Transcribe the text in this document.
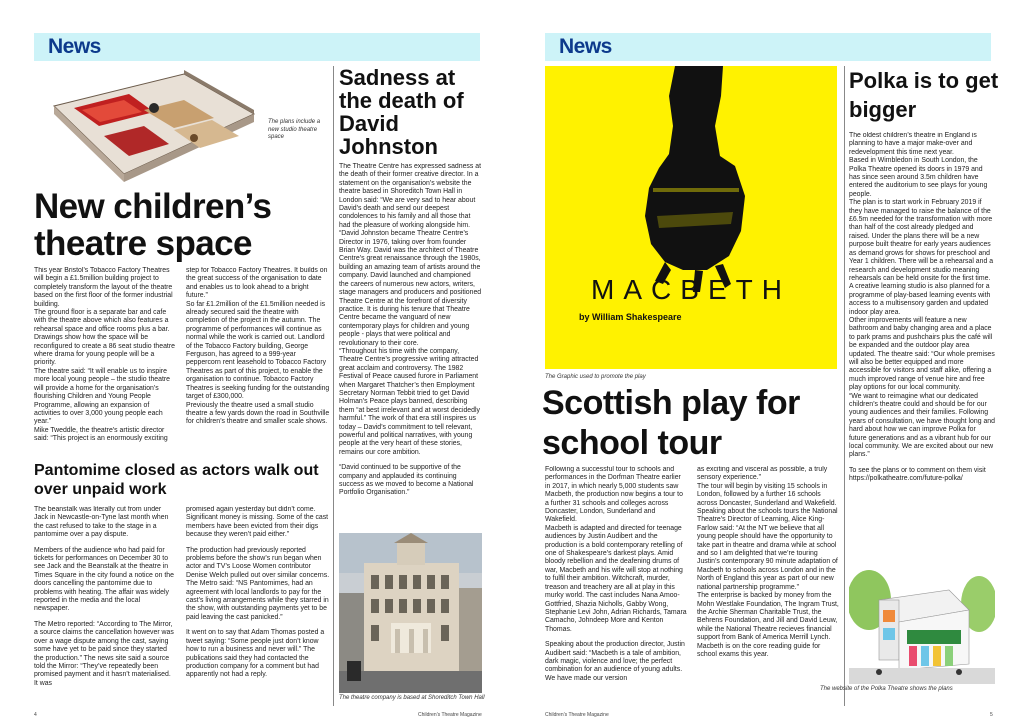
News
The plans include a new studio theatre space
New children’s theatre space

This year Bristol’s Tobacco Factory Theatres will begin a £1.5million building project to completely transform the layout of the theatre based on the first floor of the former industrial building.

The ground floor is a separate bar and cafe with the theatre above which also features a rehearsal space and office rooms plus a bar. Drawings show how the space will be reconfigured to create a 86 seat studio theatre where drama for young people will be a priority.

The theatre said: “It will enable us to inspire more local young people – the studio theatre will provide a home for the organisation’s flourishing Children and Young People Programme, allowing an expansion of activities to over 3,000 young people each year.”

Mike Tweddle, the theatre’s artistic director said: “This project is an enormously exciting

step for Tobacco Factory Theatres. It builds on the great success of the organisation to date and enables us to look ahead to a bright future.”

So far £1.2million of the £1.5million needed is already secured said the theatre with completion of the project in the autumn. The programme of performances will continue as normal while the work is carried out. Landlord of the Tobacco Factory building, George Ferguson, has agreed to a 999-year peppercorn rent leasehold to Tobacco Factory Theatres as part of this project, to enable the organisation to continue. Tobacco Factory Theatres is seeking funding for the outstanding target of £300,000.

Previously the theatre used a small studio theatre a few yards down the road in Southville for children’s theatre and smaller scale shows.

Pantomime closed as actors walk out over unpaid work

The beanstalk was literally cut from under Jack in Newcastle-on-Tyne last month when the cast refused to take to the stage in a pantomime over a pay dispute.

Members of the audience who had paid for tickets for performances on December 30 to see Jack and the Beanstalk at the theatre in Times Square in the city found a notice on the doors cancelling the pantomime due to problems with heating. The affair was widely reported in the media and the local newspaper.

The Metro reported: “According to The Mirror, a source claims the cancellation however was over a wage dispute among the cast, saying some have yet to be paid since they started the production.” The news site said a source told the Mirror: “They’ve repeatedly been promised payment and it hasn’t materialised. It was

promised again yesterday but didn’t come. Significant money is missing. Some of the cast members have been evicted from their digs because they weren’t paid either.”

The production had previously reported problems before the show’s run began when actor and TV’s Loose Women contributor Denise Welch pulled out over similar concerns. The Metro said: “NS Pantomimes, had an agreement with local landlords to pay for the cast’s living arrangements while they starred in the show, with outstanding payments yet to be paid leaving the cast panicked.”

It went on to say that Adam Thomas posted a tweet saying: “Some people just don’t know how to run a business and never will.” The publications said they had contacted the production company for a comment but had apparently not had a reply.

Sadness at the death of David Johnston

The Theatre Centre has expressed sadness at the death of their former creative director. In a statement on the organisation’s website the theatre based in Shoreditch Town Hall in London said: “We are very sad to hear about David’s death and send our deepest condolences to his family and all those that had the pleasure of working alongside him.

“David Johnston became Theatre Centre’s Director in 1976, taking over from founder Brian Way. David was the architect of Theatre Centre’s great renaissance through the 1980s, building an amazing team of artists around the company. David launched and championed the careers of numerous new actors, writers, stage managers and producers and positioned Theatre Centre at the forefront of diversity practice. It is during his tenure that Theatre Centre became the vanguard of new contemporary plays for children and young people - plays that were political and revolutionary to their core.

“Throughout his time with the company, Theatre Centre’s progressive writing attracted great acclaim and controversy. The 1982 Festival of Peace caused furore in Parliament when Margaret Thatcher’s then Employment Secretary Norman Tebbit tried to get David Holman’s Peace plays banned, describing them “at best irrelevant and at worst decidedly harmful.” The work of that era still inspires us today – David’s commitment to tell relevant, powerful and political narratives, with young people at the very heart of these stories, remains our core ambition.

“David continued to be supportive of the company and applauded its continuing success as we moved to become a National Portfolio Organisation.”

The theatre company is based at Shoreditch Town Hall
4	Children’s Theatre Magazine
News
MACBETH
by William Shakespeare
The Graphic used to promote the play
Scottish play for school tour

Following a successful tour to schools and performances in the Dorfman Theatre earlier in 2017, in which nearly 5,000 students saw Macbeth, the production now begins a tour to a further 31 schools and colleges across Doncaster, London, Sunderland and Wakefield.

Macbeth is adapted and directed for teenage audiences by Justin Audibert and the production is a bold contemporary retelling of one of Shakespeare’s darkest plays. Amid bloody rebellion and the deafening drums of war, Macbeth and his wife will stop at nothing to fulfil their ambition. Witchcraft, murder, treason and treachery are all at play in this murky world. The cast includes Nana Amoo-Gottfried, Shazia Nicholls, Gabby Wong, Stephanie Levi John, Adrian Richards, Tamara Camacho, Johndeep More and Kenton Thomas.

Speaking about the production director, Justin Audibert said: “Macbeth is a tale of ambition, dark magic, violence and love; the perfect combination for an audience of young adults. We have made our version

as exciting and visceral as possible, a truly sensory experience.”

The tour will begin by visiting 15 schools in London, followed by a further 16 schools across Doncaster, Sunderland and Wakefield.

Speaking about the schools tours the National Theatre’s Director of Learning, Alice King-Farlow said: “At the NT we believe that all young people should have the opportunity to take part in theatre and drama while at school and so I am delighted that we’re touring Justin’s contemporary 90 minute adaptation of Macbeth to schools across London and in the North of England this year as part of our new national partnership programme.”

The enterprise is backed by money from the Mohn Westlake Foundation, The Ingram Trust, the Archie Sherman Charitable Trust, the Behrens Foundation, and Jill and David Leuw, while the National Theatre recieves financial support from Bank of America Merrill Lynch.

Macbeth is on the core reading guide for school exams this year.

Polka is to get bigger

The oldest children’s theatre in England is planning to have a major make-over and redevelopment this time next year.

Based in Wimbledon in South London, the Polka Theatre opened its doors in 1979 and has since seen around 3.5m children have entered the auditorium to see plays for young people.

The plan is to start work in February 2019 if they have managed to raise the balance of the £6.5m needed for the transformation with more than half of the cost already pledged and raised. Under the plans there will be a new purpose built theatre for early years audiences as demand grows for shows for preschool and Year 1 children. There will be a rehearsal and a research and development studio meaning rehearsals can be held onsite for the first time. A creative learning studio is also planned for a programme of play-based learning events with access to a multisensory garden and updated indoor play area.

Other improvements will feature a new bathroom and baby changing area and a place to park prams and pushchairs plus the café will be expanded and the outdoor play area updated. The theatre said: “Our whole premises will also be better equipped and more accessible for visitors and staff alike, offering a much improved range of venue hire and free play options for our local community.

“We want to reimagine what our dedicated children’s theatre could and should be for our young audiences and their families. Following years of consultation, we have thought long and hard about how we can improve Polka for future generations and as a vibrant hub for our local community. We are excited about our new plans.”

To see the plans or to comment on them visit https://polkatheatre.com/future-polka/

The website of the Polka Theatre shows the plans
Children’s Theatre Magazine	5
